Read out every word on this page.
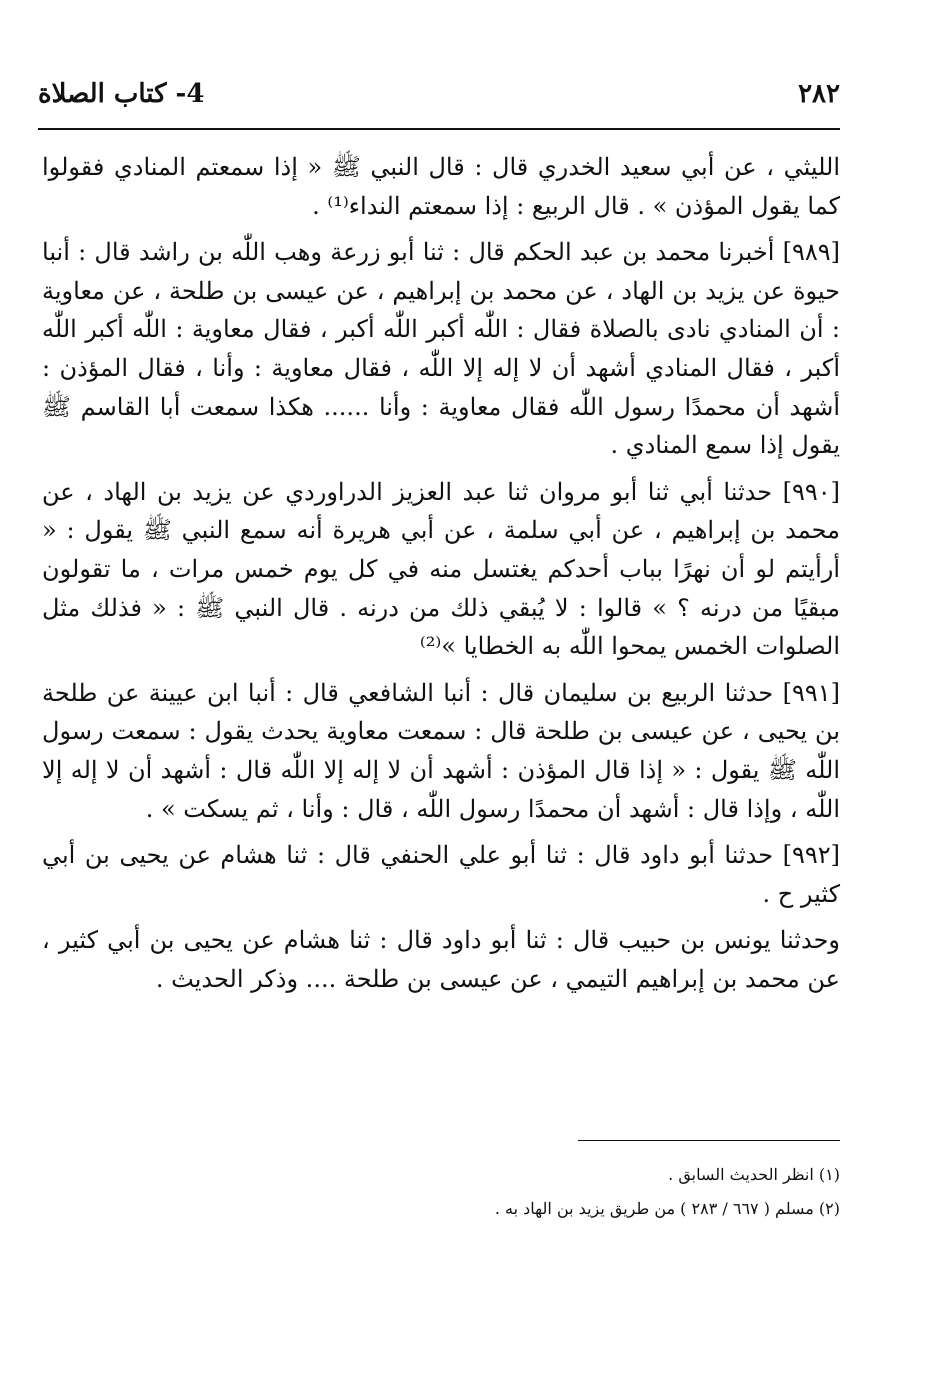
4- كتاب الصلاة	٢٨٢

الليثي ، عن أبي سعيد الخدري قال : قال النبي ﷺ « إذا سمعتم المنادي فقولوا كما يقول المؤذن » . قال الربيع : إذا سمعتم النداء⁽¹⁾ .

[٩٨٩] أخبرنا محمد بن عبد الحكم قال : ثنا أبو زرعة وهب اللّٰه بن راشد قال : أنبا حيوة عن يزيد بن الهاد ، عن محمد بن إبراهيم ، عن عيسى بن طلحة ، عن معاوية : أن المنادي نادى بالصلاة فقال : اللّٰه أكبر اللّٰه أكبر ، فقال معاوية : اللّٰه أكبر اللّٰه أكبر ، فقال المنادي أشهد أن لا إله إلا اللّٰه ، فقال معاوية : وأنا ، فقال المؤذن : أشهد أن محمدًا رسول اللّٰه فقال معاوية : وأنا ...... هكذا سمعت أبا القاسم ﷺ يقول إذا سمع المنادي .

[٩٩٠] حدثنا أبي ثنا أبو مروان ثنا عبد العزيز الدراوردي عن يزيد بن الهاد ، عن محمد بن إبراهيم ، عن أبي سلمة ، عن أبي هريرة أنه سمع النبي ﷺ يقول : « أرأيتم لو أن نهرًا بباب أحدكم يغتسل منه في كل يوم خمس مرات ، ما تقولون مبقيًا من درنه ؟ » قالوا : لا يُبقي ذلك من درنه . قال النبي ﷺ : « فذلك مثل الصلوات الخمس يمحوا اللّٰه به الخطايا »⁽²⁾

[٩٩١] حدثنا الربيع بن سليمان قال : أنبا الشافعي قال : أنبا ابن عيينة عن طلحة بن يحيى ، عن عيسى بن طلحة قال : سمعت معاوية يحدث يقول : سمعت رسول اللّٰه ﷺ يقول : « إذا قال المؤذن : أشهد أن لا إله إلا اللّٰه قال : أشهد أن لا إله إلا اللّٰه ، وإذا قال : أشهد أن محمدًا رسول اللّٰه ، قال : وأنا ، ثم يسكت » .

[٩٩٢] حدثنا أبو داود قال : ثنا أبو علي الحنفي قال : ثنا هشام عن يحيى بن أبي كثير ح .

وحدثنا يونس بن حبيب قال : ثنا أبو داود قال : ثنا هشام عن يحيى بن أبي كثير ، عن محمد بن إبراهيم التيمي ، عن عيسى بن طلحة .... وذكر الحديث .

(١) انظر الحديث السابق .
(٢) مسلم ( ٦٦٧ / ٢٨٣ ) من طريق يزيد بن الهاد به .
